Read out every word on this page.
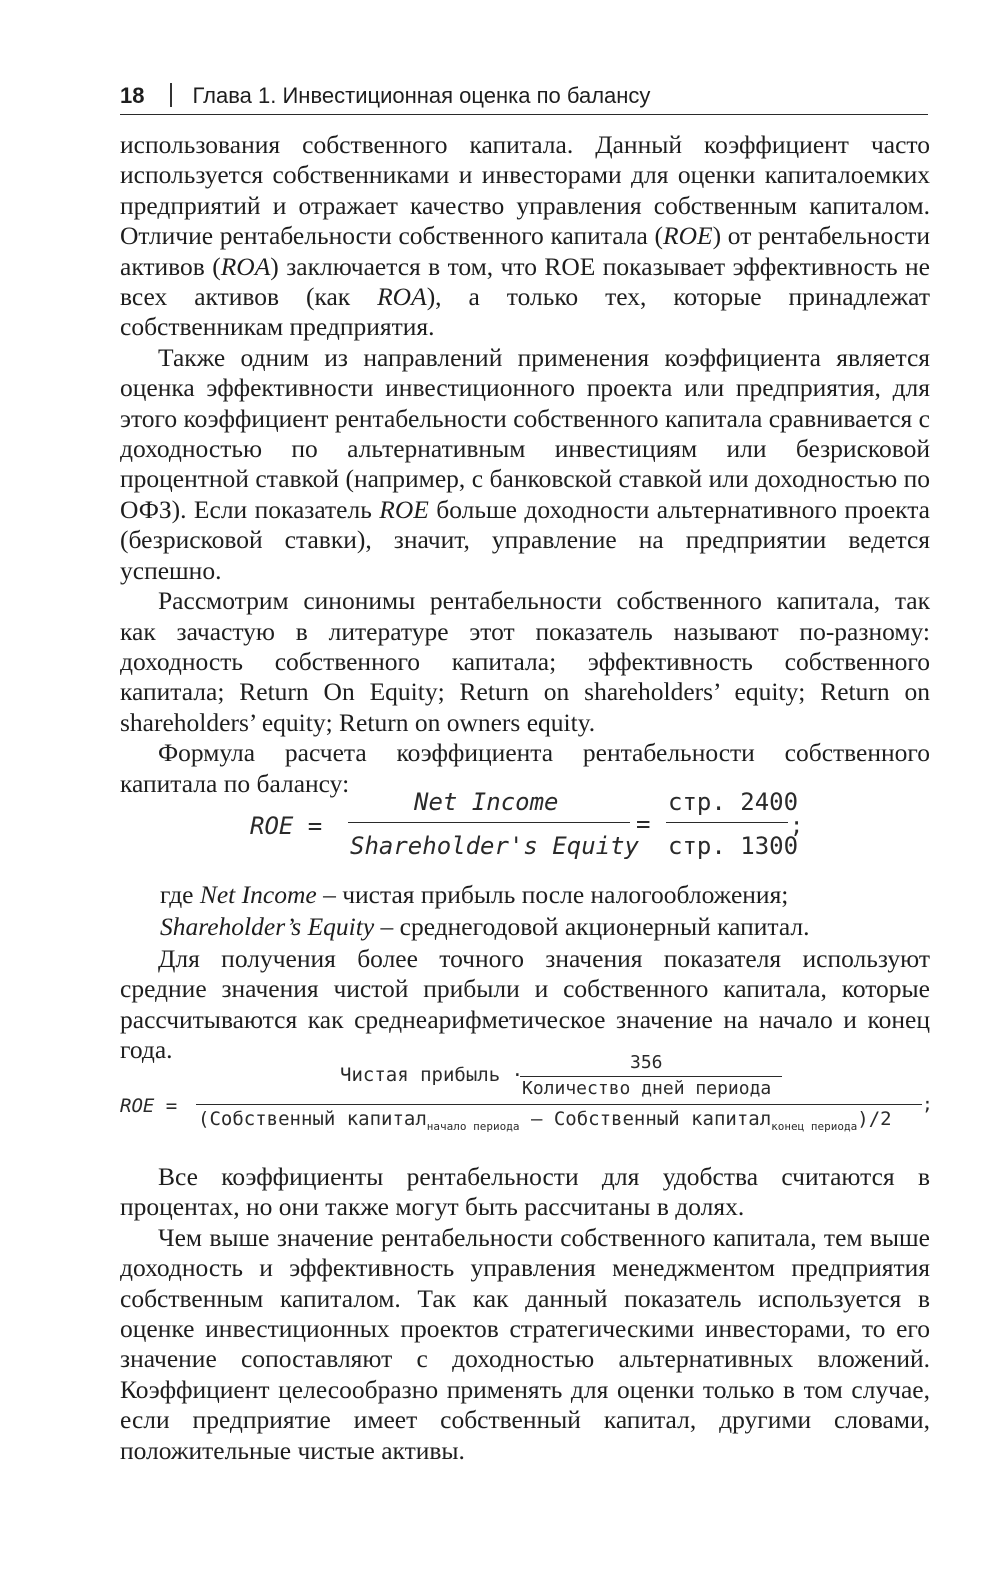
18 Глава 1. Инвестиционная оценка по балансу

использования собственного капитала. Данный коэффициент часто используется собственниками и инвесторами для оценки капиталоемких предприятий и отражает качество управления собственным капиталом. Отличие рентабельности собственного капитала (ROE) от рентабельности активов (ROA) заключается в том, что ROE показывает эффективность не всех активов (как ROA), а только тех, которые принадлежат собственникам предприятия.

Также одним из направлений применения коэффициента является оценка эффективности инвестиционного проекта или предприятия, для этого коэффициент рентабельности собственного капитала сравнивается с доходностью по альтернативным инвестициям или безрисковой процентной ставкой (например, с банковской ставкой или доходностью по ОФЗ). Если показатель ROE больше доходности альтернативного проекта (безрисковой ставки), значит, управление на предприятии ведется успешно.

Рассмотрим синонимы рентабельности собственного капитала, так как зачастую в литературе этот показатель называют по-разному: доходность собственного капитала; эффективность собственного капитала; Return On Equity; Return on shareholders’ equity; Return on shareholders’ equity; Return on owners equity.

Формула расчета коэффициента рентабельности собственного капитала по балансу:

ROE =
Net Income
Shareholder's Equity
=
стр. 2400
стр. 1300
;
где Net Income – чистая прибыль после налогообложения;
Shareholder’s Equity – среднегодовой акционерный капитал.

Для получения более точного значения показателя используют средние значения чистой прибыли и собственного капитала, которые рассчитываются как среднеарифметическое значение на начало и конец года.

ROE =
356
Чистая прибыль ·
Количество дней периода
(Собственный капитал$_{начало периода}$ – Собственный капитал$_{конец периода}$)/2
;

Все коэффициенты рентабельности для удобства считаются в процентах, но они также могут быть рассчитаны в долях.

Чем выше значение рентабельности собственного капитала, тем выше доходность и эффективность управления менеджментом предприятия собственным капиталом. Так как данный показатель используется в оценке инвестиционных проектов стратегическими инвесторами, то его значение сопоставляют с доходностью альтернативных вложений. Коэффициент целесообразно применять для оценки только в том случае, если предприятие имеет собственный капитал, другими словами, положительные чистые активы.
